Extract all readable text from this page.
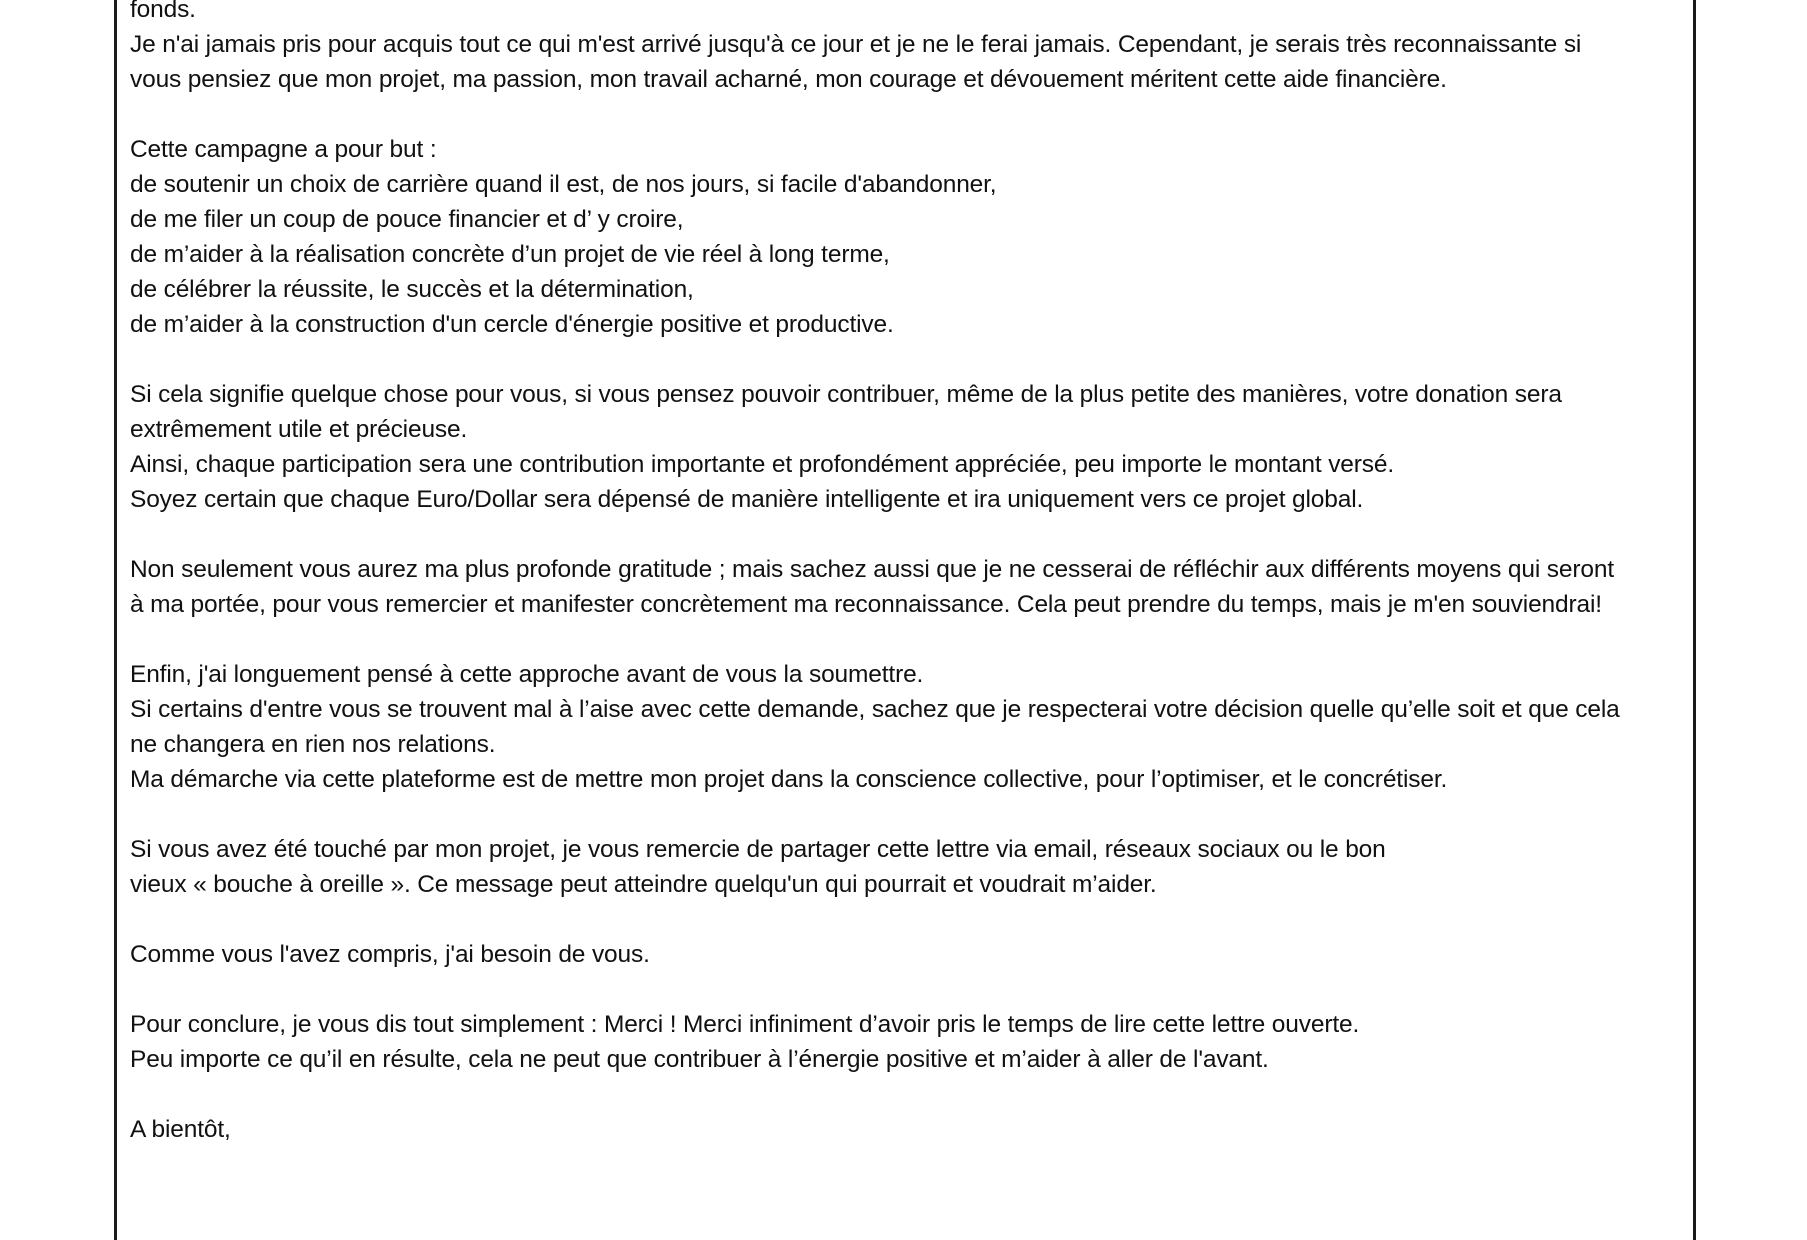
fonds.
Je n'ai jamais pris pour acquis tout ce qui m'est arrivé jusqu'à ce jour et je ne le ferai jamais. Cependant, je serais très reconnaissante si
vous pensiez que mon projet, ma passion, mon travail acharné, mon courage et dévouement méritent cette aide financière.
Cette campagne a pour but :
de soutenir un choix de carrière quand il est, de nos jours, si facile d'abandonner,
de me filer un coup de pouce financier et d’ y croire,
de m’aider à la réalisation concrète d’un projet de vie réel à long terme,
de célébrer la réussite, le succès et la détermination,
de m’aider à la construction d'un cercle d'énergie positive et productive.
Si cela signifie quelque chose pour vous, si vous pensez pouvoir contribuer, même de la plus petite des manières, votre donation sera
extrêmement utile et précieuse.
Ainsi, chaque participation sera une contribution importante et profondément appréciée, peu importe le montant versé.
Soyez certain que chaque Euro/Dollar sera dépensé de manière intelligente et ira uniquement vers ce projet global.
Non seulement vous aurez ma plus profonde gratitude ; mais sachez aussi que je ne cesserai de réfléchir aux différents moyens qui seront
à ma portée, pour vous remercier et manifester concrètement ma reconnaissance. Cela peut prendre du temps, mais je m'en souviendrai!
Enfin, j'ai longuement pensé à cette approche avant de vous la soumettre.
Si certains d'entre vous se trouvent mal à l’aise avec cette demande, sachez que je respecterai votre décision quelle qu’elle soit et que cela
ne changera en rien nos relations.
Ma démarche via cette plateforme est de mettre mon projet dans la conscience collective, pour l’optimiser, et le concrétiser.
Si vous avez été touché par mon projet, je vous remercie de partager cette lettre via email, réseaux sociaux ou le bon
vieux « bouche à oreille ». Ce message peut atteindre quelqu'un qui pourrait et voudrait m’aider.
Comme vous l'avez compris, j'ai besoin de vous.
Pour conclure, je vous dis tout simplement : Merci ! Merci infiniment d’avoir pris le temps de lire cette lettre ouverte.
Peu importe ce qu’il en résulte, cela ne peut que contribuer à l’énergie positive et m’aider à aller de l'avant.
A bientôt,
